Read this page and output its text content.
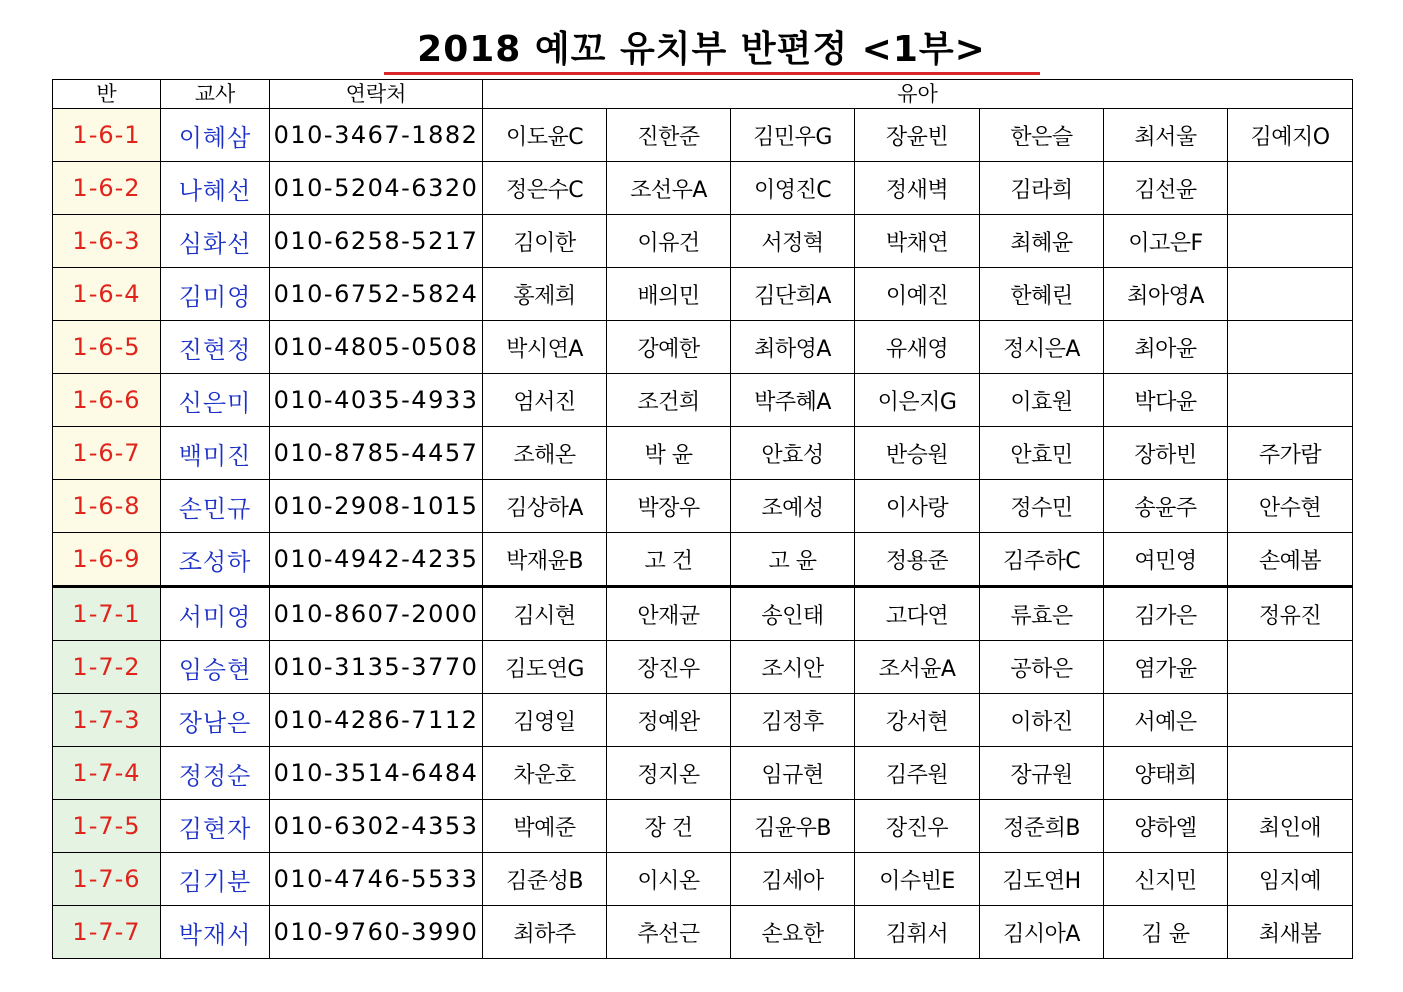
2018 예꼬 유치부 반편정 <1부>
반	교사	연락처	유아						
1-6-1	이혜삼	010-3467-1882	이도윤C	진한준	김민우G	장윤빈	한은슬	최서울	김예지O
1-6-2	나혜선	010-5204-6320	정은수C	조선우A	이영진C	정새벽	김라희	김선윤	
1-6-3	심화선	010-6258-5217	김이한	이유건	서정혁	박채연	최혜윤	이고은F	
1-6-4	김미영	010-6752-5824	홍제희	배의민	김단희A	이예진	한혜린	최아영A	
1-6-5	진현정	010-4805-0508	박시연A	강예한	최하영A	유새영	정시은A	최아윤	
1-6-6	신은미	010-4035-4933	엄서진	조건희	박주혜A	이은지G	이효원	박다윤	
1-6-7	백미진	010-8785-4457	조해온	박 윤	안효성	반승원	안효민	장하빈	주가람
1-6-8	손민규	010-2908-1015	김상하A	박장우	조예성	이사랑	정수민	송윤주	안수현
1-6-9	조성하	010-4942-4235	박재윤B	고 건	고 윤	정용준	김주하C	여민영	손예봄
1-7-1	서미영	010-8607-2000	김시현	안재균	송인태	고다연	류효은	김가은	정유진
1-7-2	임승현	010-3135-3770	김도연G	장진우	조시안	조서윤A	공하은	염가윤	
1-7-3	장남은	010-4286-7112	김영일	정예완	김정후	강서현	이하진	서예은	
1-7-4	정정순	010-3514-6484	차운호	정지온	임규현	김주원	장규원	양태희	
1-7-5	김현자	010-6302-4353	박예준	장 건	김윤우B	장진우	정준희B	양하엘	최인애
1-7-6	김기분	010-4746-5533	김준성B	이시온	김세아	이수빈E	김도연H	신지민	임지예
1-7-7	박재서	010-9760-3990	최하주	추선근	손요한	김휘서	김시아A	김 윤	최새봄
